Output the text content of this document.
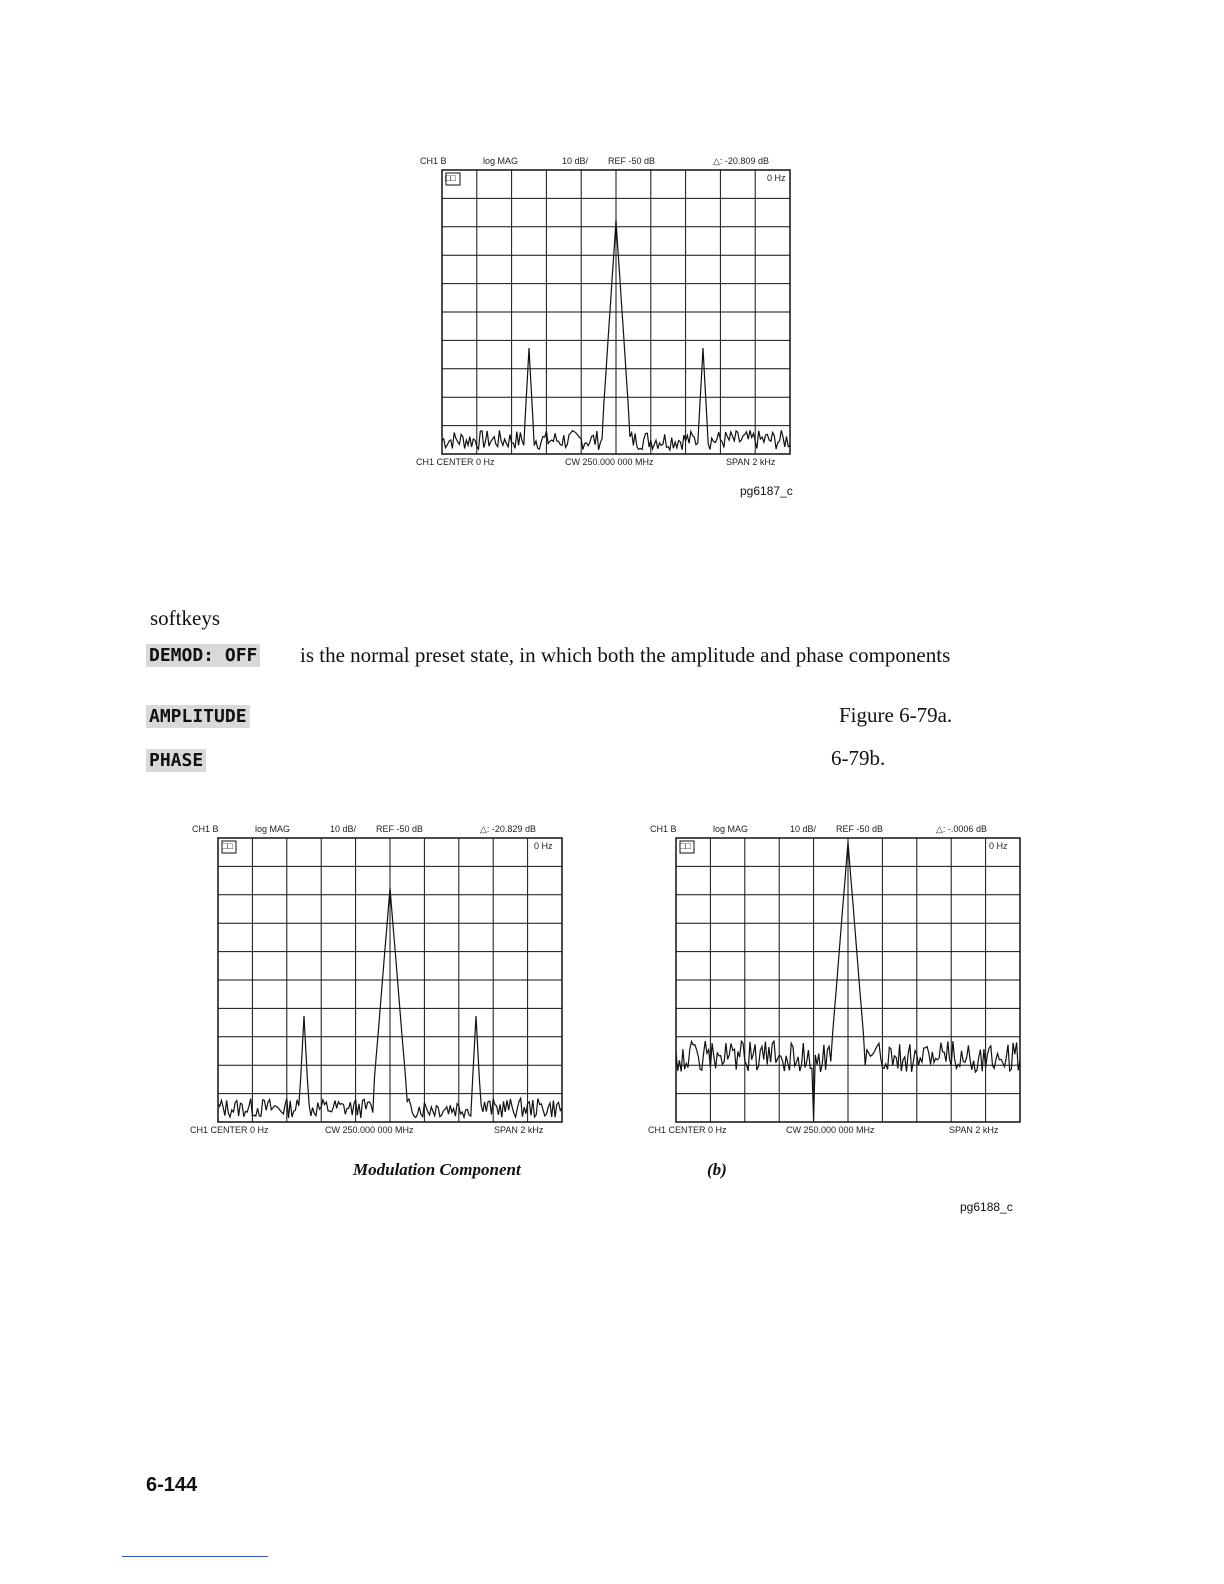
CH1 B	log MAG	10 dB/ REF -50 dB	△: -20.809 dB
□□	0 Hz
CH1 CENTER 0 Hz	CW 250.000 000 MHz	SPAN 2 kHz
pg6187_c
softkeys
DEMOD: OFF is the normal preset state, in which both the amplitude and phase components
AMPLITUDE	Figure 6-79a.
PHASE	6-79b.
CH1 B	log MAG	10 dB/ REF -50 dB	△: -20.829 dB
□□	0 Hz
CH1 CENTER 0 Hz	CW 250.000 000 MHz	SPAN 2 kHz
CH1 B	log MAG	10 dB/ REF -50 dB	△: -.0006 dB
□□	0 Hz
CH1 CENTER 0 Hz	CW 250.000 000 MHz	SPAN 2 kHz
Modulation Component	(b)
pg6188_c
6-144
